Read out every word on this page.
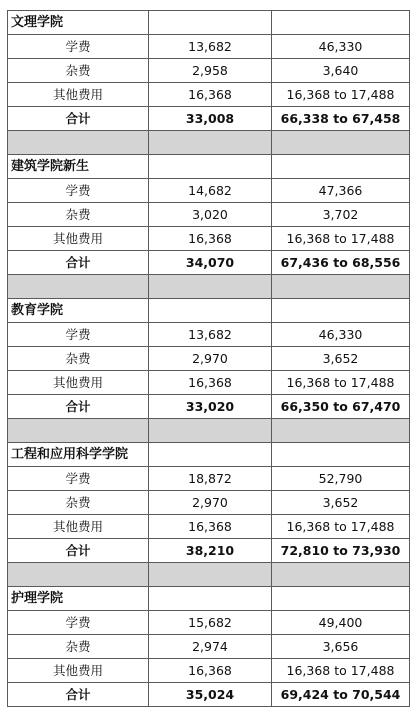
文理学院		
学费	13,682	46,330
杂费	2,958	3,640
其他费用	16,368	16,368 to 17,488
合计	33,008	66,338 to 67,458

建筑学院新生		
学费	14,682	47,366
杂费	3,020	3,702
其他费用	16,368	16,368 to 17,488
合计	34,070	67,436 to 68,556

教育学院		
学费	13,682	46,330
杂费	2,970	3,652
其他费用	16,368	16,368 to 17,488
合计	33,020	66,350 to 67,470

工程和应用科学学院		
学费	18,872	52,790
杂费	2,970	3,652
其他费用	16,368	16,368 to 17,488
合计	38,210	72,810 to 73,930

护理学院		
学费	15,682	49,400
杂费	2,974	3,656
其他费用	16,368	16,368 to 17,488
合计	35,024	69,424 to 70,544
